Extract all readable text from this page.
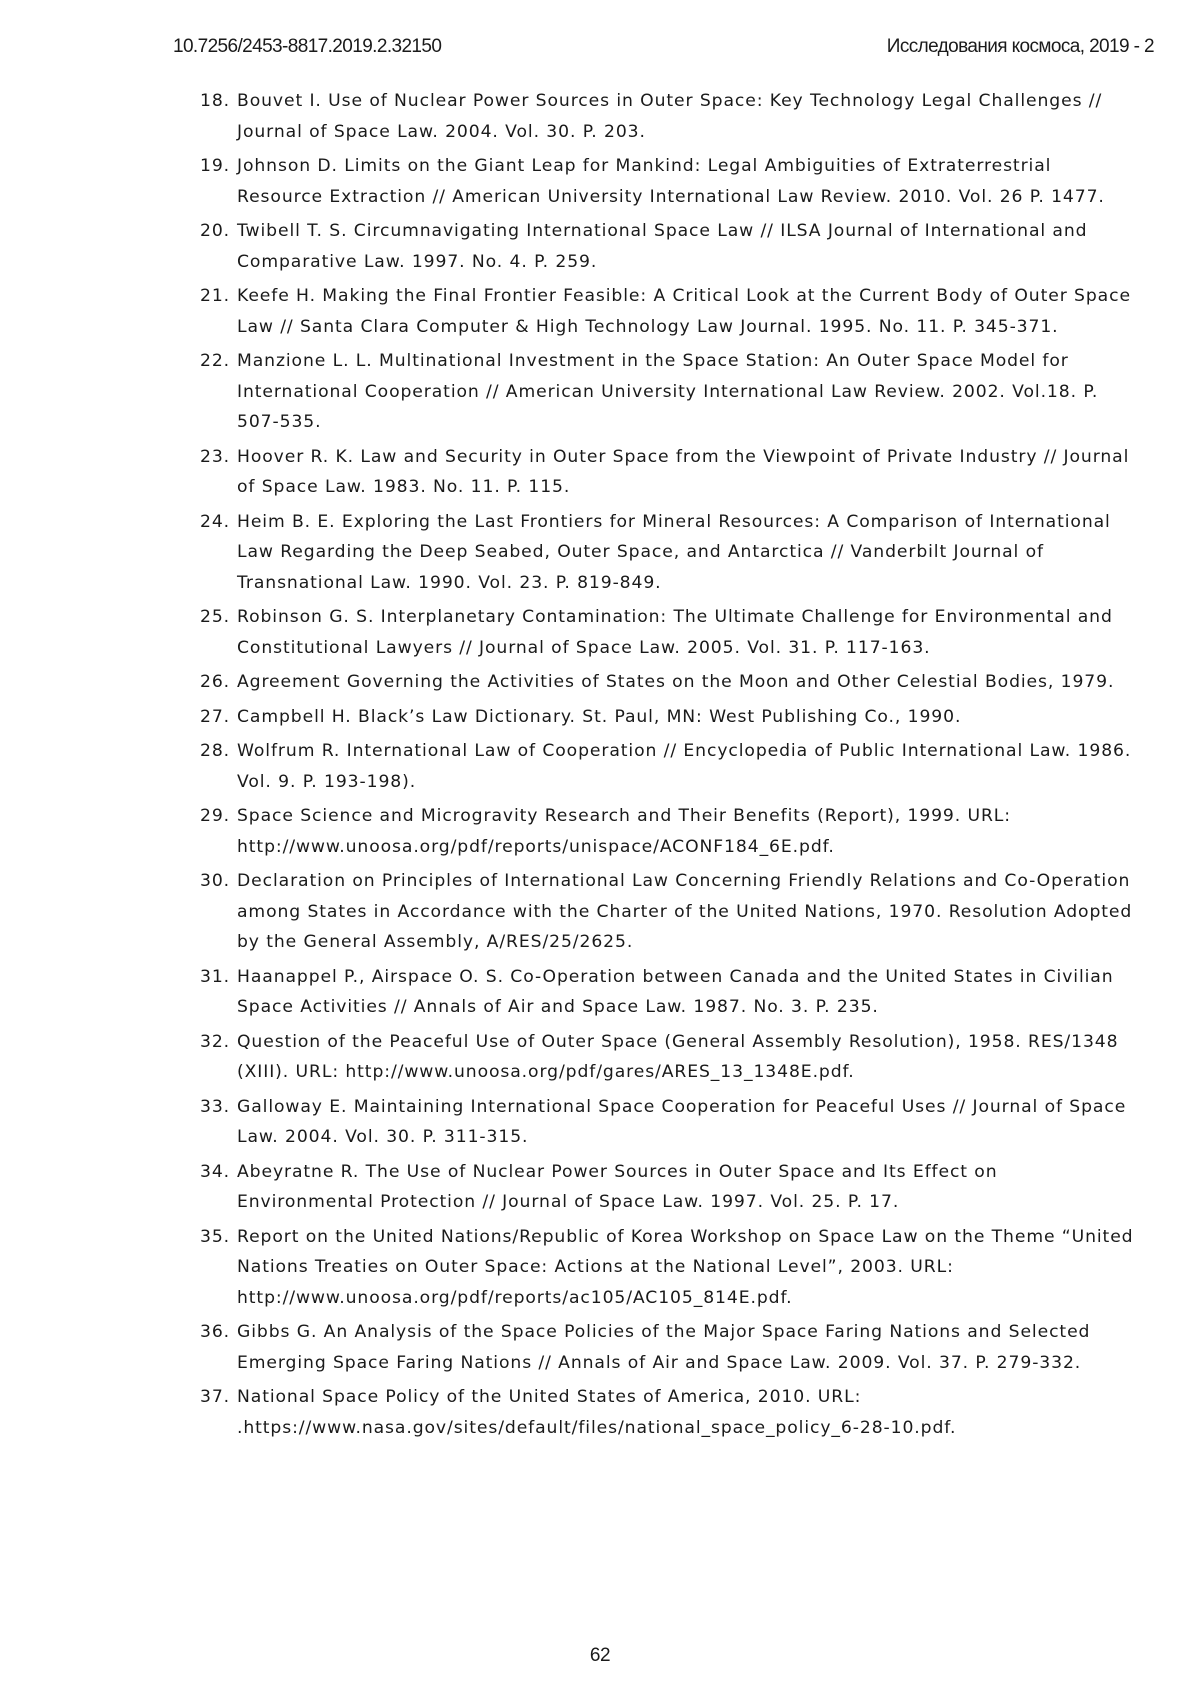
10.7256/2453-8817.2019.2.32150	Исследования космоса, 2019 - 2
18. Bouvet I. Use of Nuclear Power Sources in Outer Space: Key Technology Legal Challenges // Journal of Space Law. 2004. Vol. 30. P. 203.
19. Johnson D. Limits on the Giant Leap for Mankind: Legal Ambiguities of Extraterrestrial Resource Extraction // American University International Law Review. 2010. Vol. 26 P. 1477.
20. Twibell T. S. Circumnavigating International Space Law // ILSA Journal of International and Comparative Law. 1997. No. 4. P. 259.
21. Keefe H. Making the Final Frontier Feasible: A Critical Look at the Current Body of Outer Space Law // Santa Clara Computer & High Technology Law Journal. 1995. No. 11. P. 345-371.
22. Manzione L. L. Multinational Investment in the Space Station: An Outer Space Model for International Cooperation // American University International Law Review. 2002. Vol.18. P. 507-535.
23. Hoover R. K. Law and Security in Outer Space from the Viewpoint of Private Industry // Journal of Space Law. 1983. No. 11. P. 115.
24. Heim B. E. Exploring the Last Frontiers for Mineral Resources: A Comparison of International Law Regarding the Deep Seabed, Outer Space, and Antarctica // Vanderbilt Journal of Transnational Law. 1990. Vol. 23. P. 819-849.
25. Robinson G. S. Interplanetary Contamination: The Ultimate Challenge for Environmental and Constitutional Lawyers // Journal of Space Law. 2005. Vol. 31. P. 117-163.
26. Agreement Governing the Activities of States on the Moon and Other Celestial Bodies, 1979.
27. Campbell H. Black’s Law Dictionary. St. Paul, MN: West Publishing Co., 1990.
28. Wolfrum R. International Law of Cooperation // Encyclopedia of Public International Law. 1986. Vol. 9. P. 193-198).
29. Space Science and Microgravity Research and Their Benefits (Report), 1999. URL: http://www.unoosa.org/pdf/reports/unispace/ACONF184_6E.pdf.
30. Declaration on Principles of International Law Concerning Friendly Relations and Co-Operation among States in Accordance with the Charter of the United Nations, 1970. Resolution Adopted by the General Assembly, A/RES/25/2625.
31. Haanappel P., Airspace O. S. Co-Operation between Canada and the United States in Civilian Space Activities // Annals of Air and Space Law. 1987. No. 3. P. 235.
32. Question of the Peaceful Use of Outer Space (General Assembly Resolution), 1958. RES/1348 (XIII). URL: http://www.unoosa.org/pdf/gares/ARES_13_1348E.pdf.
33. Galloway E. Maintaining International Space Cooperation for Peaceful Uses // Journal of Space Law. 2004. Vol. 30. P. 311-315.
34. Abeyratne R. The Use of Nuclear Power Sources in Outer Space and Its Effect on Environmental Protection // Journal of Space Law. 1997. Vol. 25. P. 17.
35. Report on the United Nations/Republic of Korea Workshop on Space Law on the Theme “United Nations Treaties on Outer Space: Actions at the National Level”, 2003. URL: http://www.unoosa.org/pdf/reports/ac105/AC105_814E.pdf.
36. Gibbs G. An Analysis of the Space Policies of the Major Space Faring Nations and Selected Emerging Space Faring Nations // Annals of Air and Space Law. 2009. Vol. 37. P. 279-332.
37. National Space Policy of the United States of America, 2010. URL: .https://www.nasa.gov/sites/default/files/national_space_policy_6-28-10.pdf.
62
